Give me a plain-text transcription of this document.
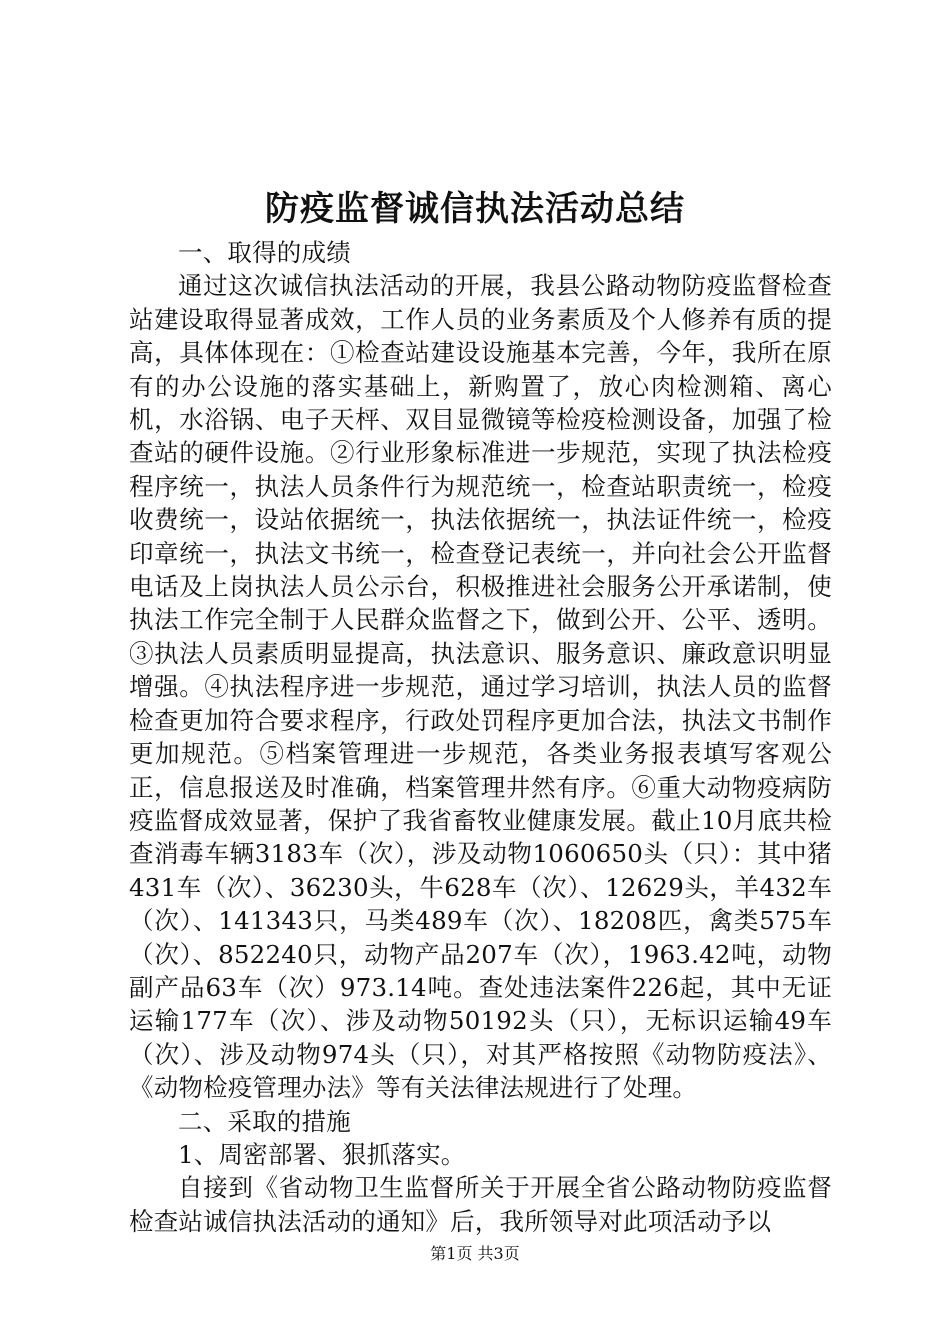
防疫监督诚信执法活动总结

一、取得的成绩

通过这次诚信执法活动的开展，我县公路动物防疫监督检查站建设取得显著成效，工作人员的业务素质及个人修养有质的提高，具体体现在：①检查站建设设施基本完善，今年，我所在原有的办公设施的落实基础上，新购置了，放心肉检测箱、离心机，水浴锅、电子天枰、双目显微镜等检疫检测设备，加强了检查站的硬件设施。②行业形象标准进一步规范，实现了执法检疫程序统一，执法人员条件行为规范统一，检查站职责统一，检疫收费统一，设站依据统一，执法依据统一，执法证件统一，检疫印章统一，执法文书统一，检查登记表统一，并向社会公开监督电话及上岗执法人员公示台，积极推进社会服务公开承诺制，使执法工作完全制于人民群众监督之下，做到公开、公平、透明。③执法人员素质明显提高，执法意识、服务意识、廉政意识明显增强。④执法程序进一步规范，通过学习培训，执法人员的监督检查更加符合要求程序，行政处罚程序更加合法，执法文书制作更加规范。⑤档案管理进一步规范，各类业务报表填写客观公正，信息报送及时准确，档案管理井然有序。⑥重大动物疫病防疫监督成效显著，保护了我省畜牧业健康发展。截止10月底共检查消毒车辆3183车（次），涉及动物1060650头（只）：其中猪431车（次）、36230头，牛628车（次）、12629头，羊432车（次）、141343只，马类489车（次）、18208匹，禽类575车（次）、852240只，动物产品207车（次），1963.42吨，动物副产品63车（次）973.14吨。查处违法案件226起，其中无证运输177车（次）、涉及动物50192头（只），无标识运输49车（次）、涉及动物974头（只），对其严格按照《动物防疫法》、《动物检疫管理办法》等有关法律法规进行了处理。

二、采取的措施

1、周密部署、狠抓落实。

自接到《省动物卫生监督所关于开展全省公路动物防疫监督检查站诚信执法活动的通知》后，我所领导对此项活动予以

第1页 共3页
